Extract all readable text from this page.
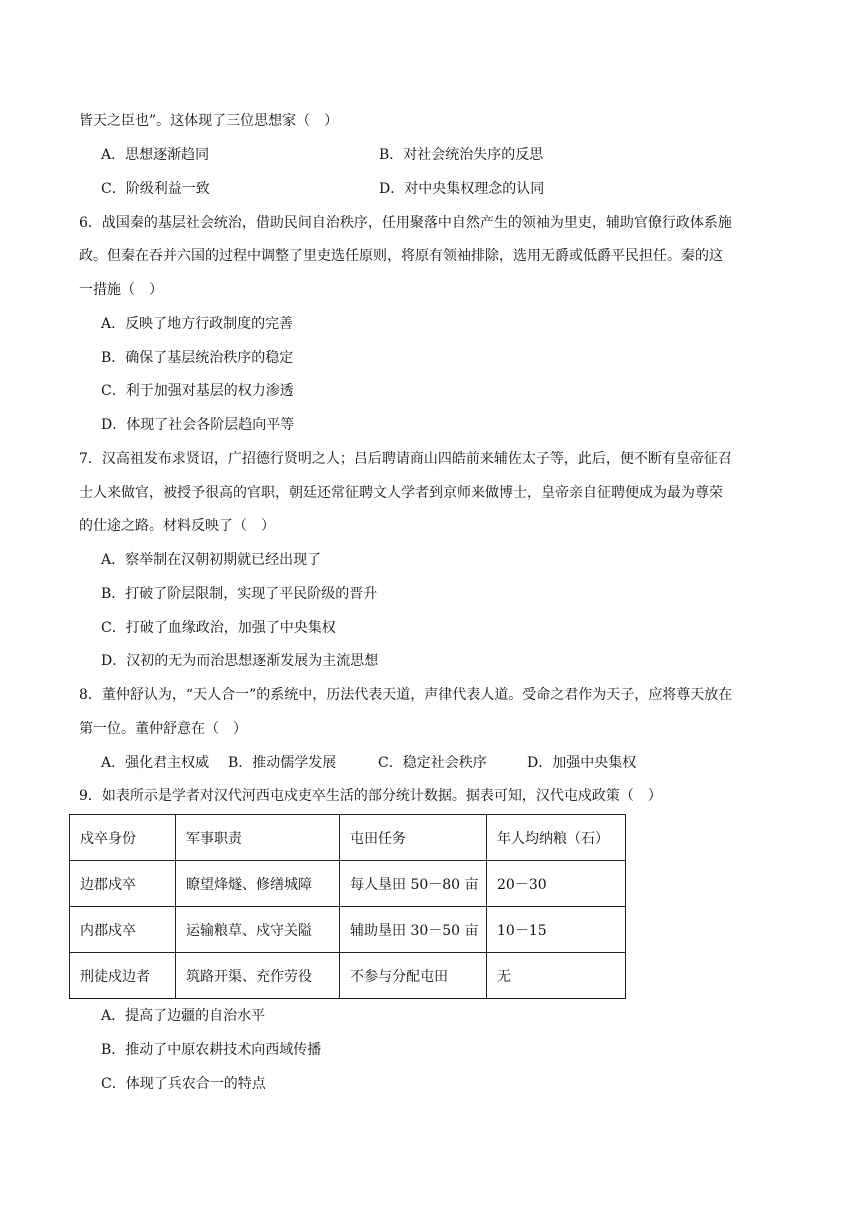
皆天之臣也”。这体现了三位思想家（　）
A．思想逐渐趋同	B．对社会统治失序的反思
C．阶级利益一致	D．对中央集权理念的认同
6．战国秦的基层社会统治，借助民间自治秩序，任用聚落中自然产生的领袖为里吏，辅助官僚行政体系施
政。但秦在吞并六国的过程中调整了里吏选任原则，将原有领袖排除，选用无爵或低爵平民担任。秦的这
一措施（　）
A．反映了地方行政制度的完善
B．确保了基层统治秩序的稳定
C．利于加强对基层的权力渗透
D．体现了社会各阶层趋向平等
7．汉高祖发布求贤诏，广招德行贤明之人；吕后聘请商山四皓前来辅佐太子等，此后，便不断有皇帝征召
士人来做官，被授予很高的官职，朝廷还常征聘文人学者到京师来做博士，皇帝亲自征聘便成为最为尊荣
的仕途之路。材料反映了（　）
A．察举制在汉朝初期就已经出现了
B．打破了阶层限制，实现了平民阶级的晋升
C．打破了血缘政治，加强了中央集权
D．汉初的无为而治思想逐渐发展为主流思想
8．董仲舒认为，“天人合一”的系统中，历法代表天道，声律代表人道。受命之君作为天子，应将尊天放在
第一位。董仲舒意在（　）
A．强化君主权威 B．推动儒学发展	C．稳定社会秩序	D．加强中央集权
9．如表所示是学者对汉代河西屯戍吏卒生活的部分统计数据。据表可知，汉代屯戍政策（　）
戍卒身份	军事职责	屯田任务	年人均纳粮（石）
边郡戍卒	瞭望烽燧、修缮城障	每人垦田 50－80 亩	20－30
内郡戍卒	运输粮草、戍守关隘	辅助垦田 30－50 亩	10－15
刑徒戍边者	筑路开渠、充作劳役	不参与分配屯田	无
A．提高了边疆的自治水平
B．推动了中原农耕技术向西域传播
C．体现了兵农合一的特点
